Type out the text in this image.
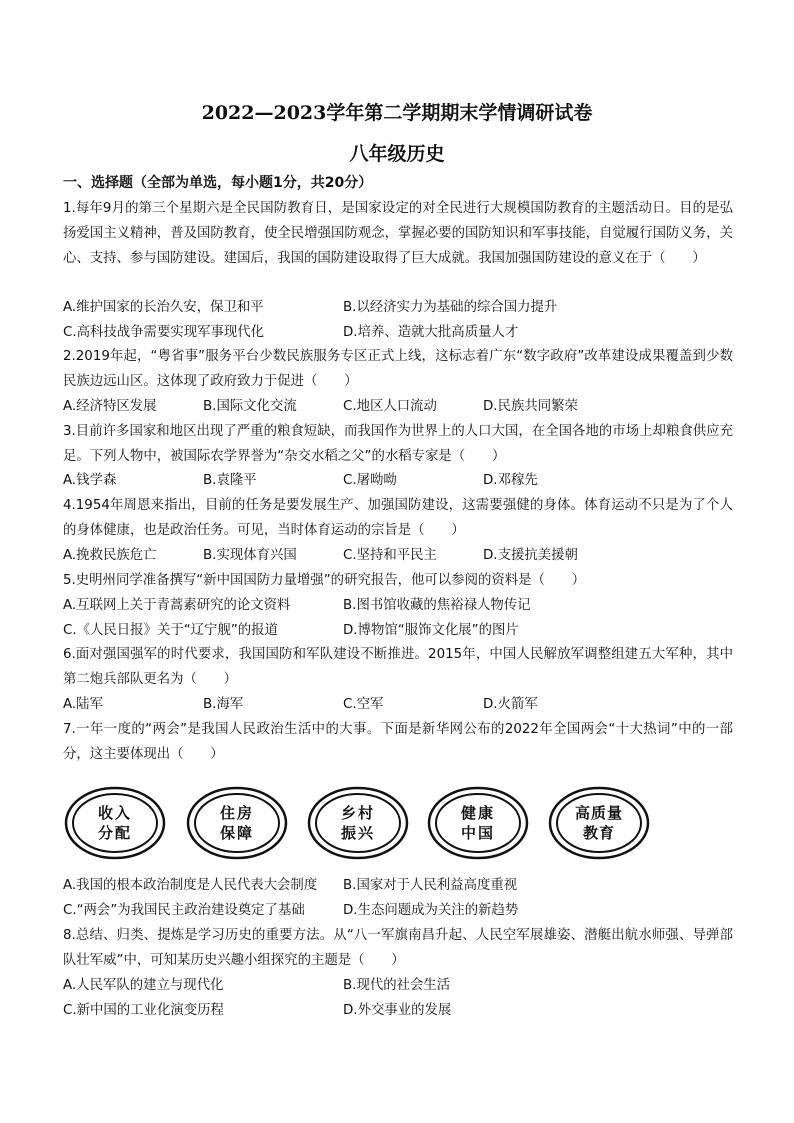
2022—2023学年第二学期期末学情调研试卷
八年级历史
一、选择题（全部为单选，每小题1分，共20分）
1.每年9月的第三个星期六是全民国防教育日，是国家设定的对全民进行大规模国防教育的主题活动日。目的是弘扬爱国主义精神，普及国防教育，使全民增强国防观念，掌握必要的国防知识和军事技能，自觉履行国防义务，关心、支持、参与国防建设。建国后，我国的国防建设取得了巨大成就。我国加强国防建设的意义在于（　　）
A.维护国家的长治久安，保卫和平	B.以经济实力为基础的综合国力提升
C.高科技战争需要实现军事现代化	D.培养、造就大批高质量人才
2.2019年起，“粤省事”服务平台少数民族服务专区正式上线，这标志着广东“数字政府”改革建设成果覆盖到少数民族边远山区。这体现了政府致力于促进（　　）
A.经济特区发展	B.国际文化交流	C.地区人口流动	D.民族共同繁荣
3.目前许多国家和地区出现了严重的粮食短缺，而我国作为世界上的人口大国，在全国各地的市场上却粮食供应充足。下列人物中，被国际农学界誉为“杂交水稻之父”的水稻专家是（　　）
A.钱学森	B.袁隆平	C.屠呦呦	D.邓稼先
4.1954年周恩来指出，目前的任务是要发展生产、加强国防建设，这需要强健的身体。体育运动不只是为了个人的身体健康，也是政治任务。可见，当时体育运动的宗旨是（　　）
A.挽救民族危亡	B.实现体育兴国	C.坚持和平民主	D.支援抗美援朝
5.史明州同学准备撰写“新中国国防力量增强”的研究报告，他可以参阅的资料是（　　）
A.互联网上关于青蒿素研究的论文资料	B.图书馆收藏的焦裕禄人物传记
C.《人民日报》关于“辽宁舰”的报道	D.博物馆“服饰文化展”的图片
6.面对强国强军的时代要求，我国国防和军队建设不断推进。2015年，中国人民解放军调整组建五大军种，其中第二炮兵部队更名为（　　）
A.陆军	B.海军	C.空军	D.火箭军
7.一年一度的“两会”是我国人民政治生活中的大事。下面是新华网公布的2022年全国两会“十大热词”中的一部分，这主要体现出（　　）
收入分配
住房保障
乡村振兴
健康中国
高质量教育
A.我国的根本政治制度是人民代表大会制度	B.国家对于人民利益高度重视
C.“两会”为我国民主政治建设奠定了基础	D.生态问题成为关注的新趋势
8.总结、归类、提炼是学习历史的重要方法。从“八一军旗南昌升起、人民空军展雄姿、潜艇出航水师强、导弹部队壮军威”中，可知某历史兴趣小组探究的主题是（　　）
A.人民军队的建立与现代化	B.现代的社会生活
C.新中国的工业化演变历程	D.外交事业的发展
